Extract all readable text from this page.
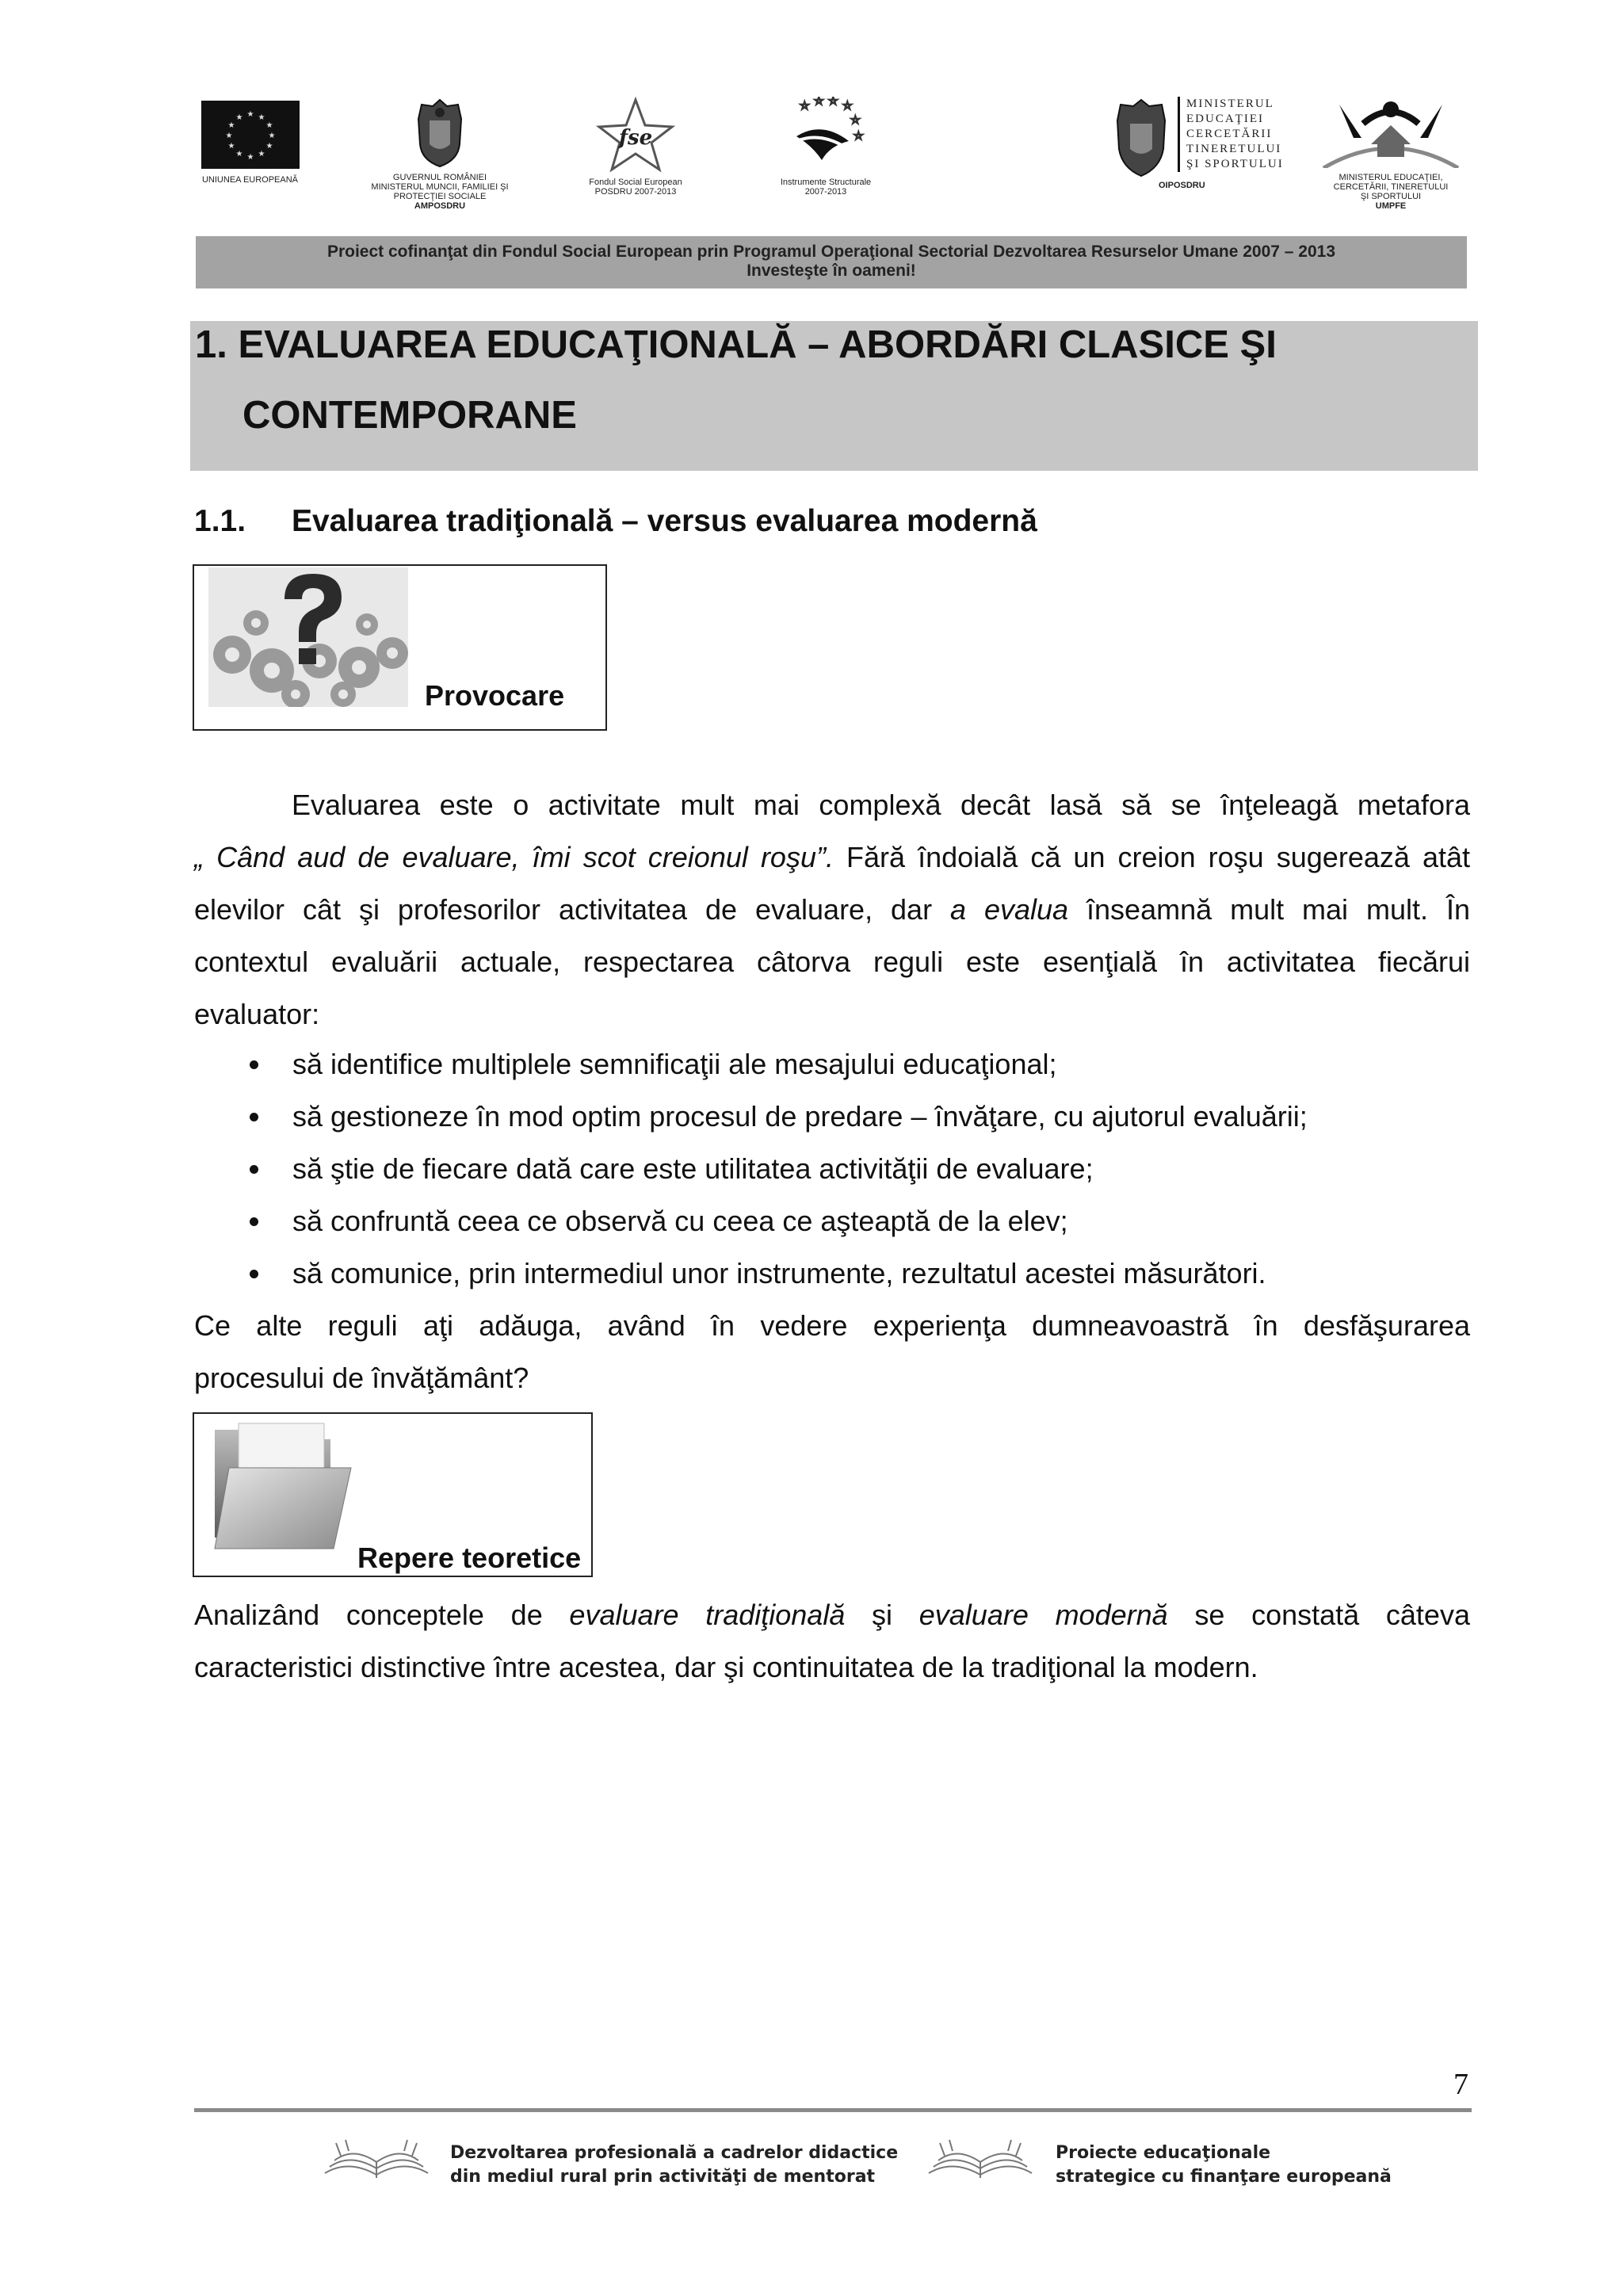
★ ★
★
★
★
★
★
★
★
★
★
★
UNIUNEA EUROPEANĂ	GUVERNUL ROMÂNIEI
MINISTERUL MUNCII, FAMILIEI ŞI
PROTECŢIEI SOCIALE
AMPOSDRU
fse
Fondul Social European
POSDRU 2007-2013
☆ ☆ ☆ ☆
☆
☆
Instrumente Structurale
2007-2013
MINISTERUL
EDUCAŢIEI
CERCETĂRII
TINERETULUI
ŞI SPORTULUI
OIPOSDRU
MINISTERUL EDUCAŢIEI,
CERCETĂRII, TINERETULUI
ŞI SPORTULUI
UMPFE
Proiect cofinanţat din Fondul Social European prin Programul Operaţional Sectorial Dezvoltarea Resurselor Umane 2007 – 2013
Investeşte în oameni!
1. EVALUAREA EDUCAŢIONALĂ – ABORDĂRI CLASICE ŞI
CONTEMPORANE
1.1. Evaluarea tradiţională – versus evaluarea modernă
Provocare
Evaluarea este o activitate mult mai complexă decât lasă să se înţeleagă metafora
„ Când aud de evaluare, îmi scot creionul roşu”. Fără îndoială că un creion roşu sugerează atât
elevilor cât şi profesorilor activitatea de evaluare, dar a evalua înseamnă mult mai mult. În
contextul evaluării actuale, respectarea câtorva reguli este esenţială în activitatea fiecărui
evaluator:
să identifice multiplele semnificaţii ale mesajului educaţional;
să gestioneze în mod optim procesul de predare – învăţare, cu ajutorul evaluării;
să ştie de fiecare dată care este utilitatea activităţii de evaluare;
să confruntă ceea ce observă cu ceea ce aşteaptă de la elev;
să comunice, prin intermediul unor instrumente, rezultatul acestei măsurători.
Ce alte reguli aţi adăuga, având în vedere experienţa dumneavoastră în desfăşurarea
procesului de învăţământ?
Repere teoretice
Analizând conceptele de evaluare tradiţională şi evaluare modernă se constată câteva
caracteristici distinctive între acestea, dar şi continuitatea de la tradiţional la modern.
7
Dezvoltarea profesională a cadrelor didactice
din mediul rural prin activităţi de mentorat
Proiecte educaţionale
strategice cu finanţare europeană
